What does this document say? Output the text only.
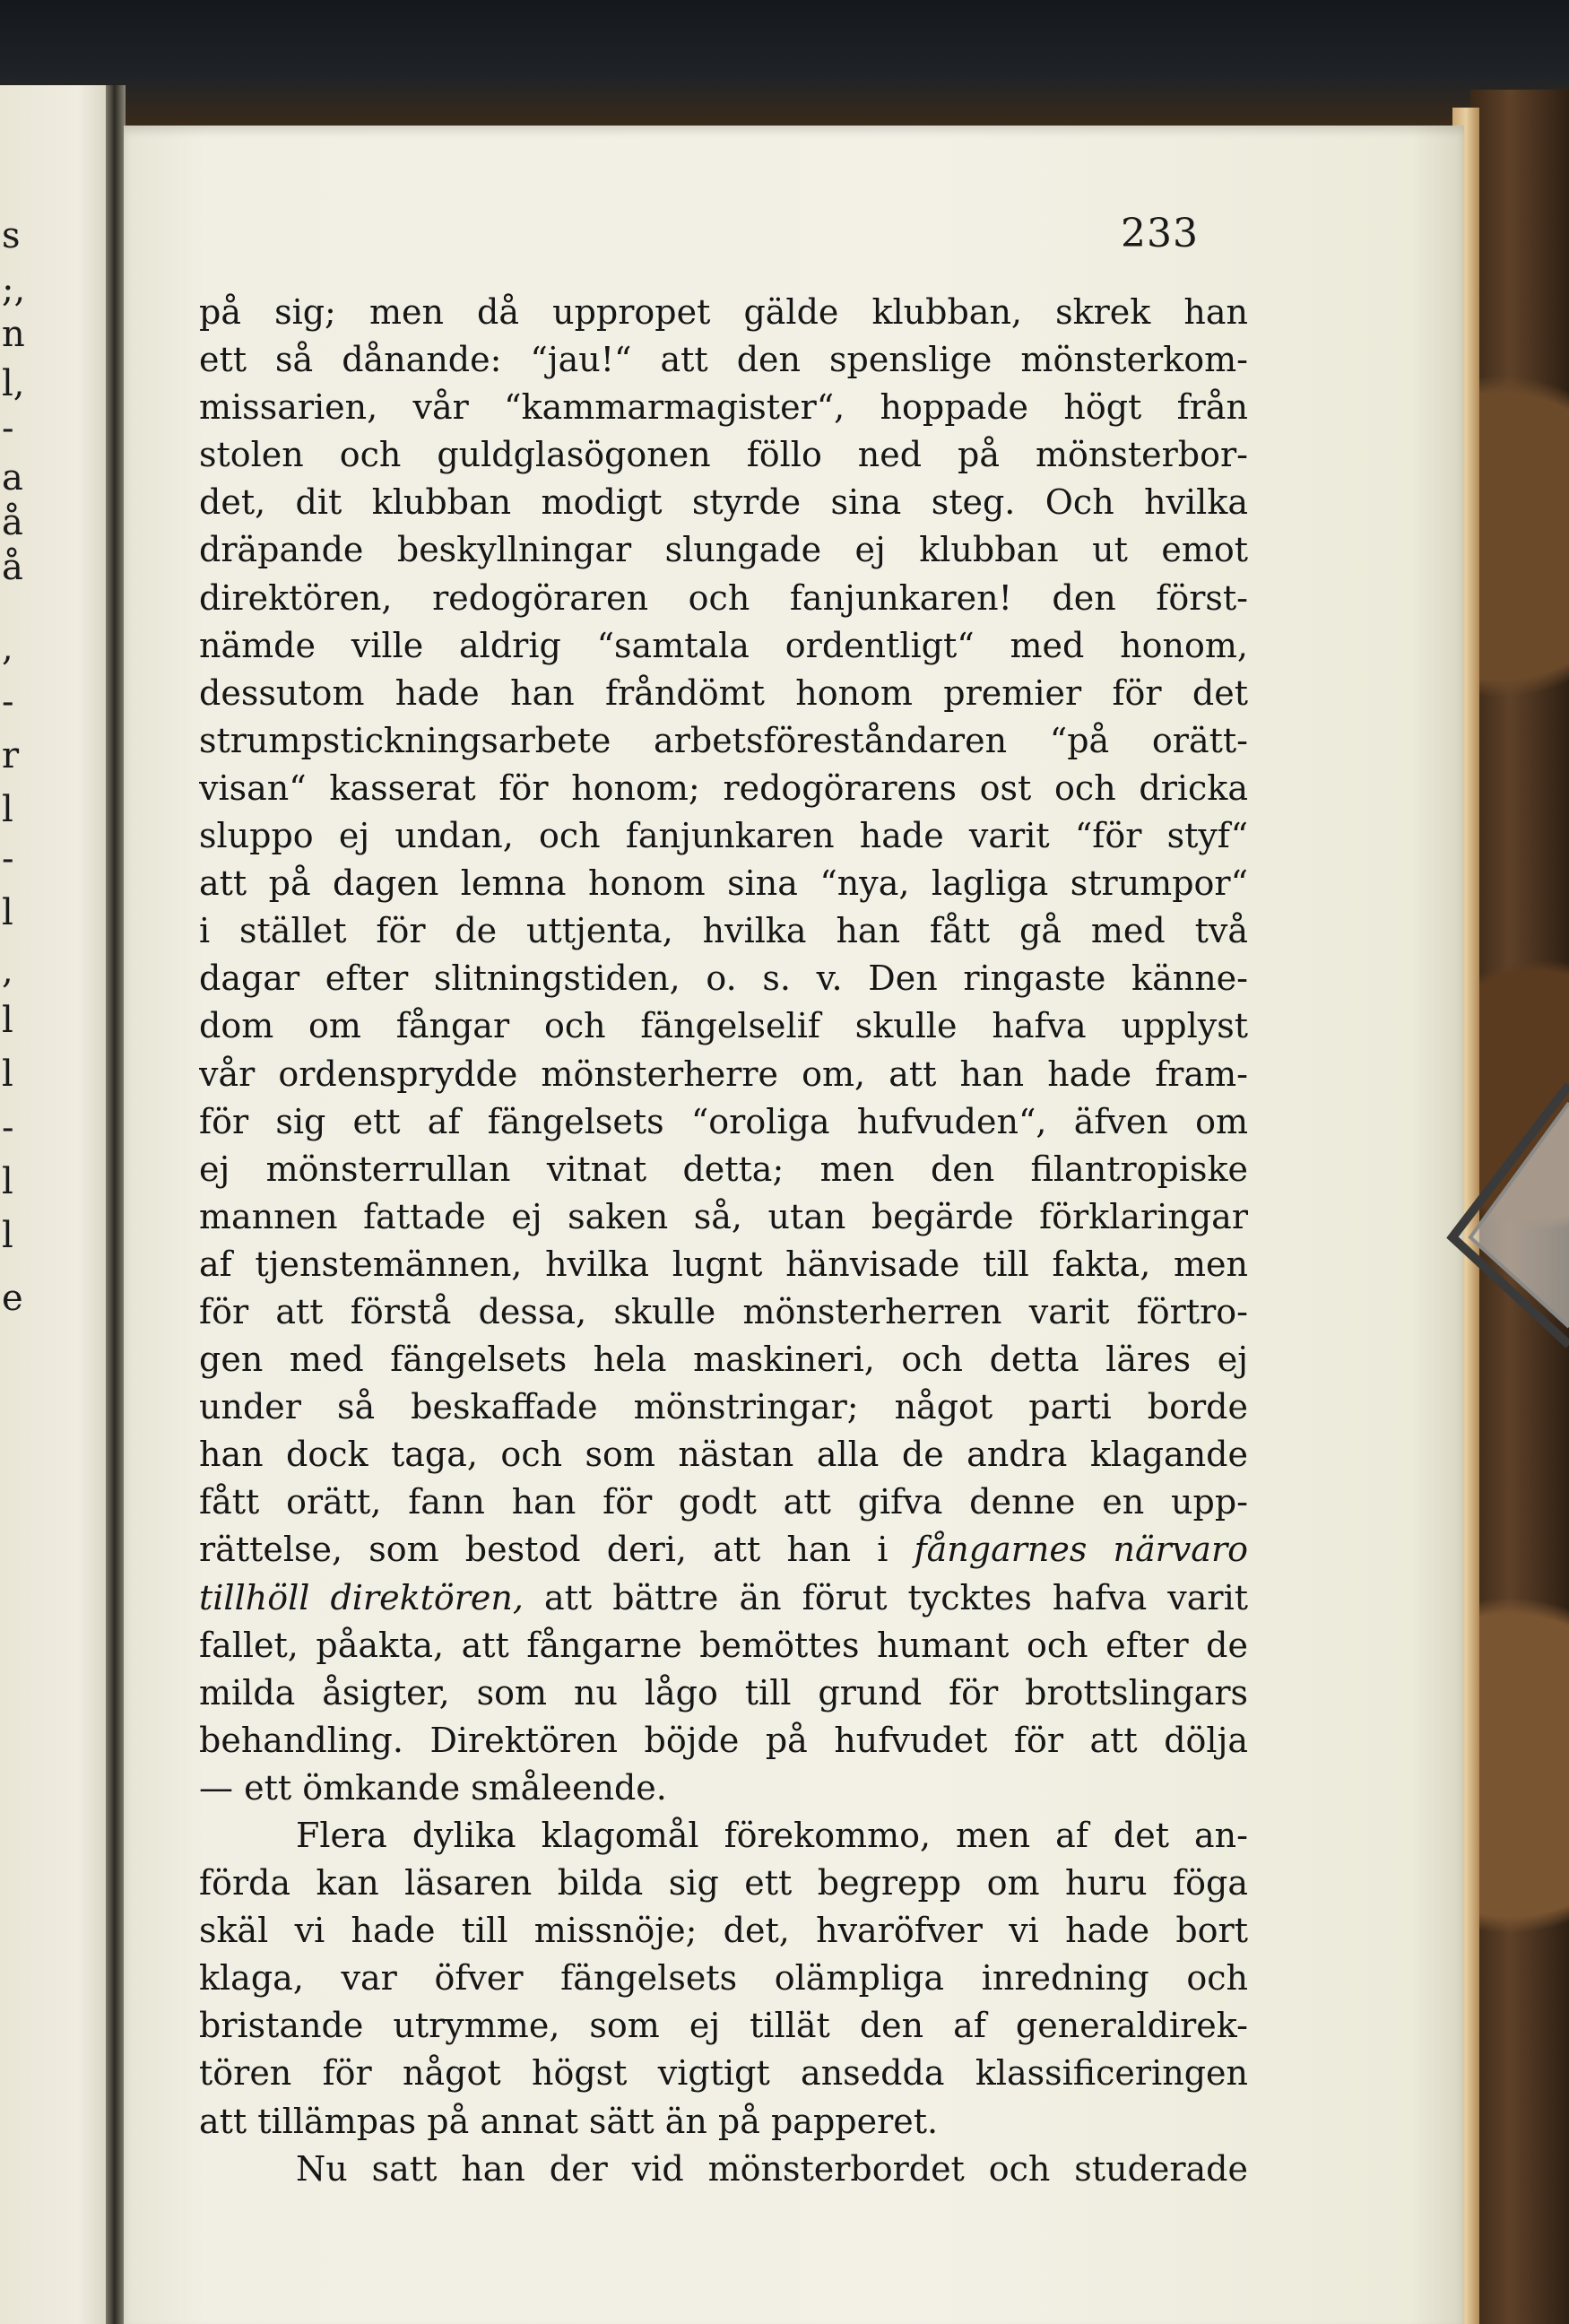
s
;,
n
l,
-
a
å
å
,
-
r
l
-
l
,
l
l
-
l
l
e
233
på sig; men då uppropet gälde klubban, skrek han
ett så dånande: “jau!“ att den spenslige mönsterkom-
missarien, vår “kammarmagister“, hoppade högt från
stolen och guldglasögonen föllo ned på mönsterbor-
det, dit klubban modigt styrde sina steg. Och hvilka
dräpande beskyllningar slungade ej klubban ut emot
direktören, redogöraren och fanjunkaren! den först-
nämde ville aldrig “samtala ordentligt“ med honom,
dessutom hade han fråndömt honom premier för det
strumpstickningsarbete arbetsföreståndaren “på orätt-
visan“ kasserat för honom; redogörarens ost och dricka
sluppo ej undan, och fanjunkaren hade varit “för styf“
att på dagen lemna honom sina “nya, lagliga strumpor“
i stället för de uttjenta, hvilka han fått gå med två
dagar efter slitningstiden, o. s. v. Den ringaste känne-
dom om fångar och fängelselif skulle hafva upplyst
vår ordensprydde mönsterherre om, att han hade fram-
för sig ett af fängelsets “oroliga hufvuden“, äfven om
ej mönsterrullan vitnat detta; men den filantropiske
mannen fattade ej saken så, utan begärde förklaringar
af tjenstemännen, hvilka lugnt hänvisade till fakta, men
för att förstå dessa, skulle mönsterherren varit förtro-
gen med fängelsets hela maskineri, och detta läres ej
under så beskaffade mönstringar; något parti borde
han dock taga, och som nästan alla de andra klagande
fått orätt, fann han för godt att gifva denne en upp-
rättelse, som bestod deri, att han i fångarnes närvaro
tillhöll direktören, att bättre än förut tycktes hafva varit
fallet, påakta, att fångarne bemöttes humant och efter de
milda åsigter, som nu lågo till grund för brottslingars
behandling. Direktören böjde på hufvudet för att dölja
— ett ömkande småleende.
Flera dylika klagomål förekommo, men af det an-
förda kan läsaren bilda sig ett begrepp om huru föga
skäl vi hade till missnöje; det, hvaröfver vi hade bort
klaga, var öfver fängelsets olämpliga inredning och
bristande utrymme, som ej tillät den af generaldirek-
tören för något högst vigtigt ansedda klassificeringen
att tillämpas på annat sätt än på papperet.
Nu satt han der vid mönsterbordet och studerade
